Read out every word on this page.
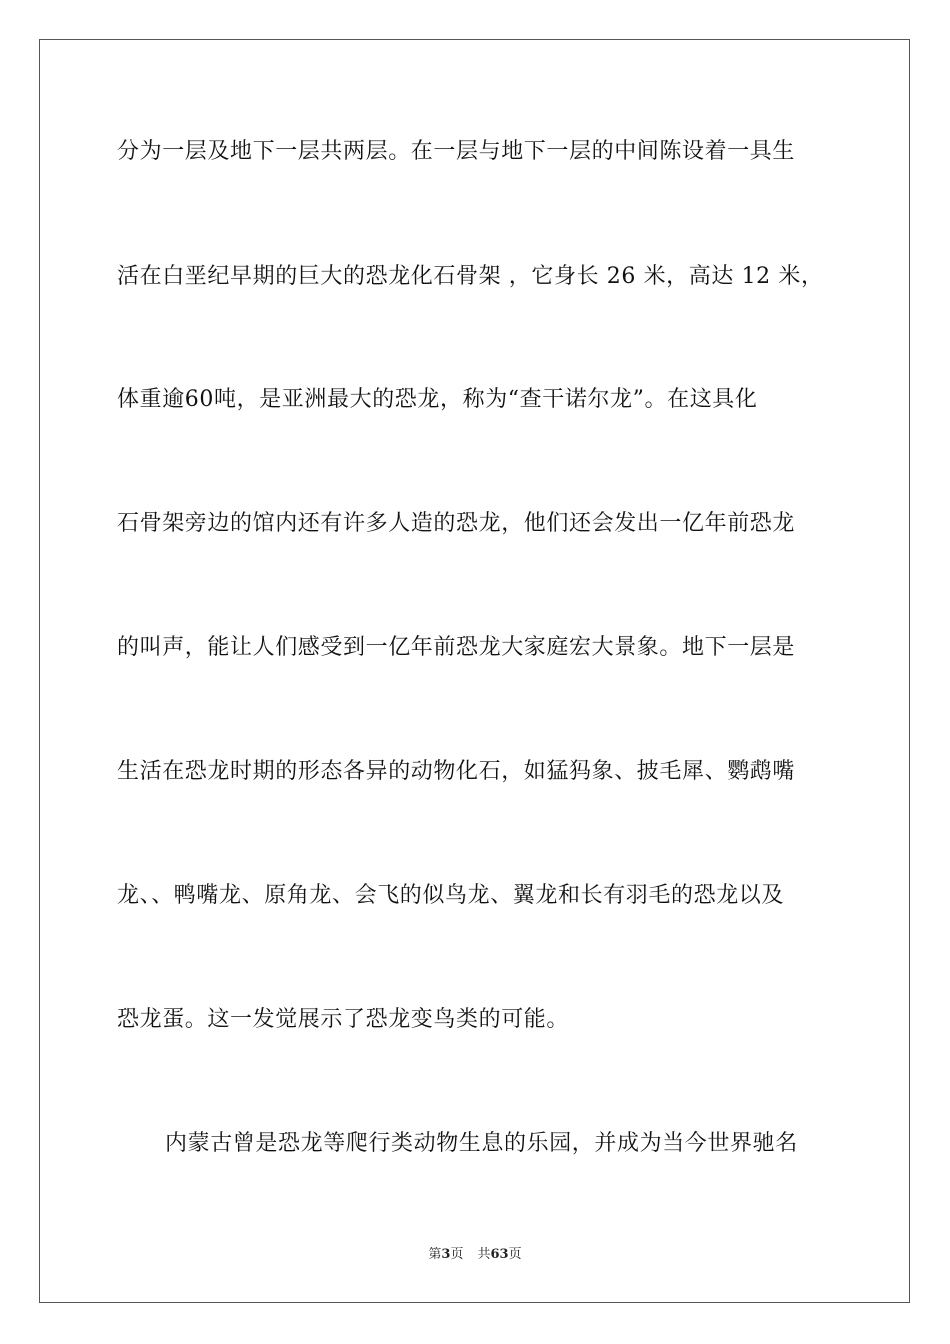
分为一层及地下一层共两层。在一层与地下一层的中间陈设着一具生
活在白垩纪早期的巨大的恐龙化石骨架 ，它身长 26 米，高达 12 米，
体重逾60吨，是亚洲最大的恐龙，称为“查干诺尔龙”。在这具化
石骨架旁边的馆内还有许多人造的恐龙，他们还会发出一亿年前恐龙
的叫声，能让人们感受到一亿年前恐龙大家庭宏大景象。地下一层是
生活在恐龙时期的形态各异的动物化石，如猛犸象、披毛犀、鹦鹉嘴
龙、、鸭嘴龙、原角龙、会飞的似鸟龙、翼龙和长有羽毛的恐龙以及
恐龙蛋。这一发觉展示了恐龙变鸟类的可能。
内蒙古曾是恐龙等爬行类动物生息的乐园，并成为当今世界驰名
第3页 共63页
